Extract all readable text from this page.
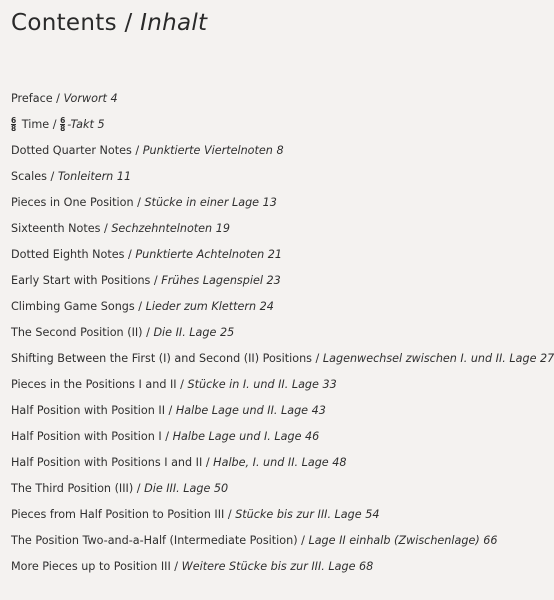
Contents / Inhalt
Preface / Vorwort 4
$\frac{6}{8}$ Time / $\frac{6}{8}$ -Takt 5
Dotted Quarter Notes / Punktierte Viertelnoten 8
Scales / Tonleitern 11
Pieces in One Position / Stücke in einer Lage 13
Sixteenth Notes / Sechzehntelnoten 19
Dotted Eighth Notes / Punktierte Achtelnoten 21
Early Start with Positions / Frühes Lagenspiel 23
Climbing Game Songs / Lieder zum Klettern 24
The Second Position (II) / Die II. Lage 25
Shifting Between the First (I) and Second (II) Positions / Lagenwechsel zwischen I. und II. Lage 27
Pieces in the Positions I and II / Stücke in I. und II. Lage 33
Half Position with Position II / Halbe Lage und II. Lage 43
Half Position with Position I / Halbe Lage und I. Lage 46
Half Position with Positions I and II / Halbe, I. und II. Lage 48
The Third Position (III) / Die III. Lage 50
Pieces from Half Position to Position III / Stücke bis zur III. Lage 54
The Position Two-and-a-Half (Intermediate Position) / Lage II einhalb (Zwischenlage) 66
More Pieces up to Position III / Weitere Stücke bis zur III. Lage 68
